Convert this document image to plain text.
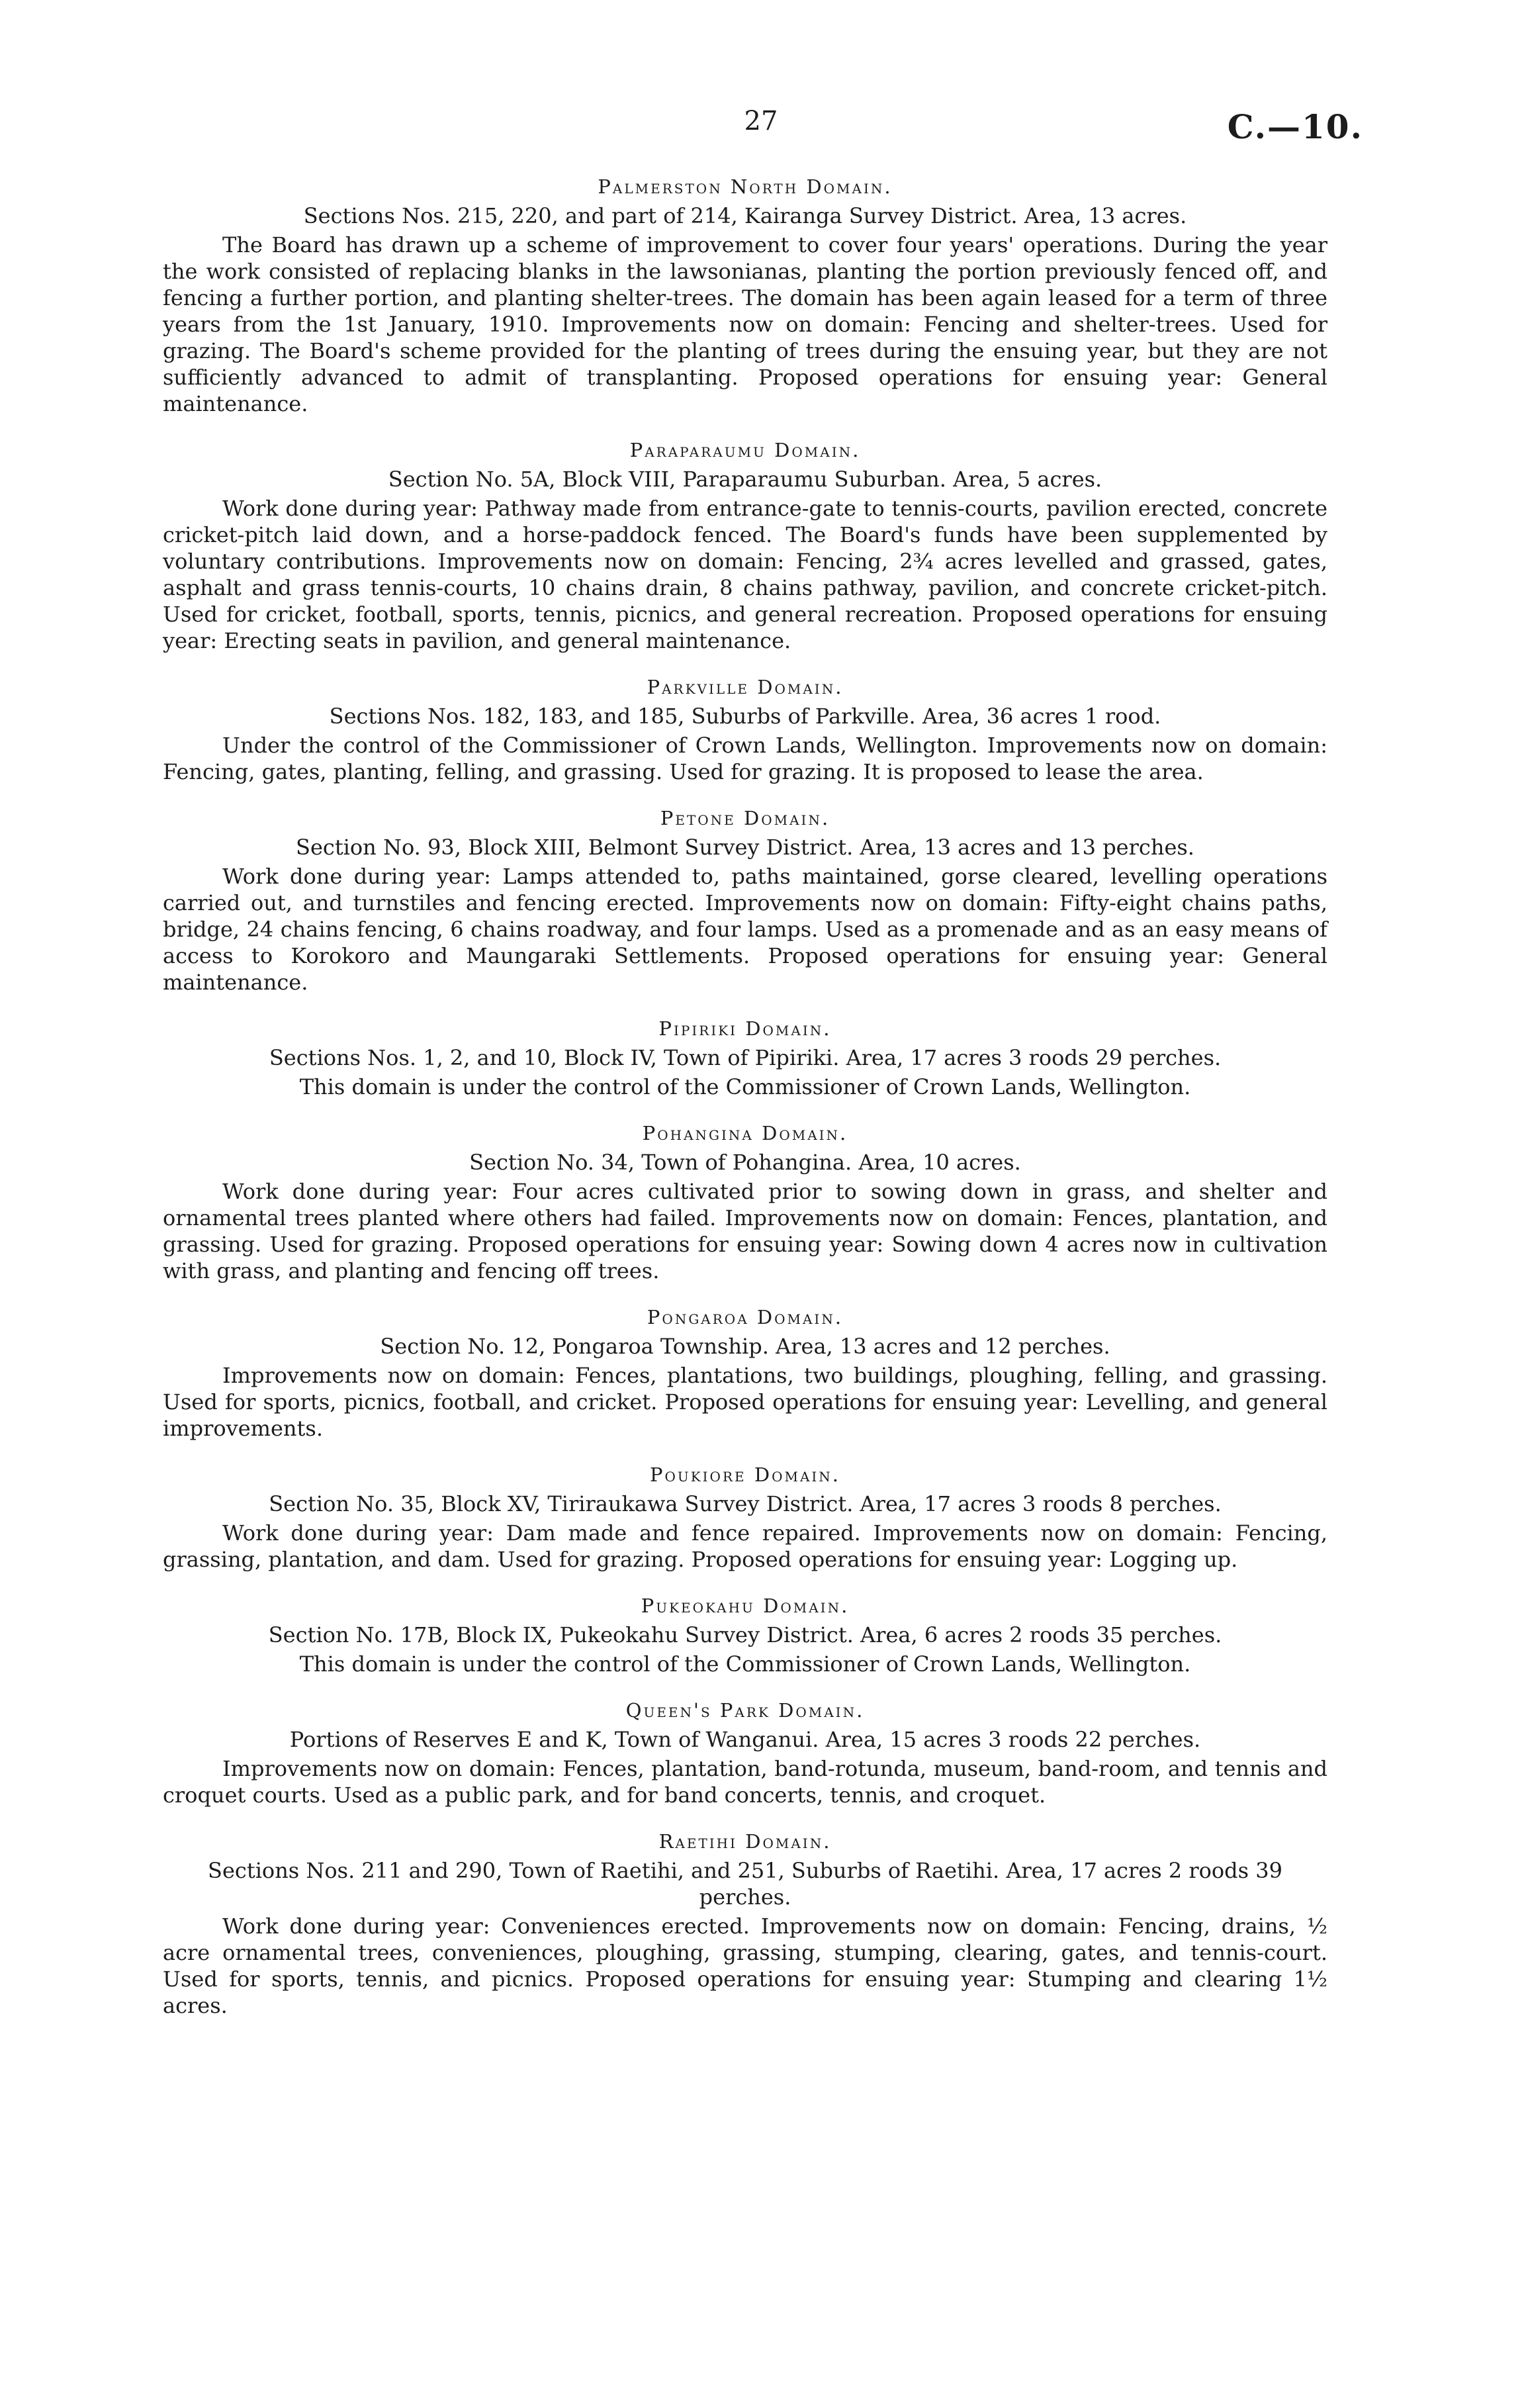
27	C.—10.

Palmerston North Domain.

Sections Nos. 215, 220, and part of 214, Kairanga Survey District. Area, 13 acres.

The Board has drawn up a scheme of improvement to cover four years' operations. During the year the work consisted of replacing blanks in the lawsonianas, planting the portion previously fenced off, and fencing a further portion, and planting shelter-trees. The domain has been again leased for a term of three years from the 1st January, 1910. Improvements now on domain: Fencing and shelter-trees. Used for grazing. The Board's scheme provided for the planting of trees during the ensuing year, but they are not sufficiently advanced to admit of transplanting. Proposed operations for ensuing year: General maintenance.

Paraparaumu Domain.

Section No. 5A, Block VIII, Paraparaumu Suburban. Area, 5 acres.

Work done during year: Pathway made from entrance-gate to tennis-courts, pavilion erected, concrete cricket-pitch laid down, and a horse-paddock fenced. The Board's funds have been supplemented by voluntary contributions. Improvements now on domain: Fencing, 2¾ acres levelled and grassed, gates, asphalt and grass tennis-courts, 10 chains drain, 8 chains pathway, pavilion, and concrete cricket-pitch. Used for cricket, football, sports, tennis, picnics, and general recreation. Proposed operations for ensuing year: Erecting seats in pavilion, and general maintenance.

Parkville Domain.

Sections Nos. 182, 183, and 185, Suburbs of Parkville. Area, 36 acres 1 rood.

Under the control of the Commissioner of Crown Lands, Wellington. Improvements now on domain: Fencing, gates, planting, felling, and grassing. Used for grazing. It is proposed to lease the area.

Petone Domain.

Section No. 93, Block XIII, Belmont Survey District. Area, 13 acres and 13 perches.

Work done during year: Lamps attended to, paths maintained, gorse cleared, levelling operations carried out, and turnstiles and fencing erected. Improvements now on domain: Fifty-eight chains paths, bridge, 24 chains fencing, 6 chains roadway, and four lamps. Used as a promenade and as an easy means of access to Korokoro and Maungaraki Settlements. Proposed operations for ensuing year: General maintenance.

Pipiriki Domain.

Sections Nos. 1, 2, and 10, Block IV, Town of Pipiriki. Area, 17 acres 3 roods 29 perches.

This domain is under the control of the Commissioner of Crown Lands, Wellington.

Pohangina Domain.

Section No. 34, Town of Pohangina. Area, 10 acres.

Work done during year: Four acres cultivated prior to sowing down in grass, and shelter and ornamental trees planted where others had failed. Improvements now on domain: Fences, plantation, and grassing. Used for grazing. Proposed operations for ensuing year: Sowing down 4 acres now in cultivation with grass, and planting and fencing off trees.

Pongaroa Domain.

Section No. 12, Pongaroa Township. Area, 13 acres and 12 perches.

Improvements now on domain: Fences, plantations, two buildings, ploughing, felling, and grassing. Used for sports, picnics, football, and cricket. Proposed operations for ensuing year: Levelling, and general improvements.

Poukiore Domain.

Section No. 35, Block XV, Tiriraukawa Survey District. Area, 17 acres 3 roods 8 perches.

Work done during year: Dam made and fence repaired. Improvements now on domain: Fencing, grassing, plantation, and dam. Used for grazing. Proposed operations for ensuing year: Logging up.

Pukeokahu Domain.

Section No. 17B, Block IX, Pukeokahu Survey District. Area, 6 acres 2 roods 35 perches.

This domain is under the control of the Commissioner of Crown Lands, Wellington.

Queen's Park Domain.

Portions of Reserves E and K, Town of Wanganui. Area, 15 acres 3 roods 22 perches.

Improvements now on domain: Fences, plantation, band-rotunda, museum, band-room, and tennis and croquet courts. Used as a public park, and for band concerts, tennis, and croquet.

Raetihi Domain.

Sections Nos. 211 and 290, Town of Raetihi, and 251, Suburbs of Raetihi. Area, 17 acres 2 roods 39 perches.

Work done during year: Conveniences erected. Improvements now on domain: Fencing, drains, ½ acre ornamental trees, conveniences, ploughing, grassing, stumping, clearing, gates, and tennis-court. Used for sports, tennis, and picnics. Proposed operations for ensuing year: Stumping and clearing 1½ acres.
